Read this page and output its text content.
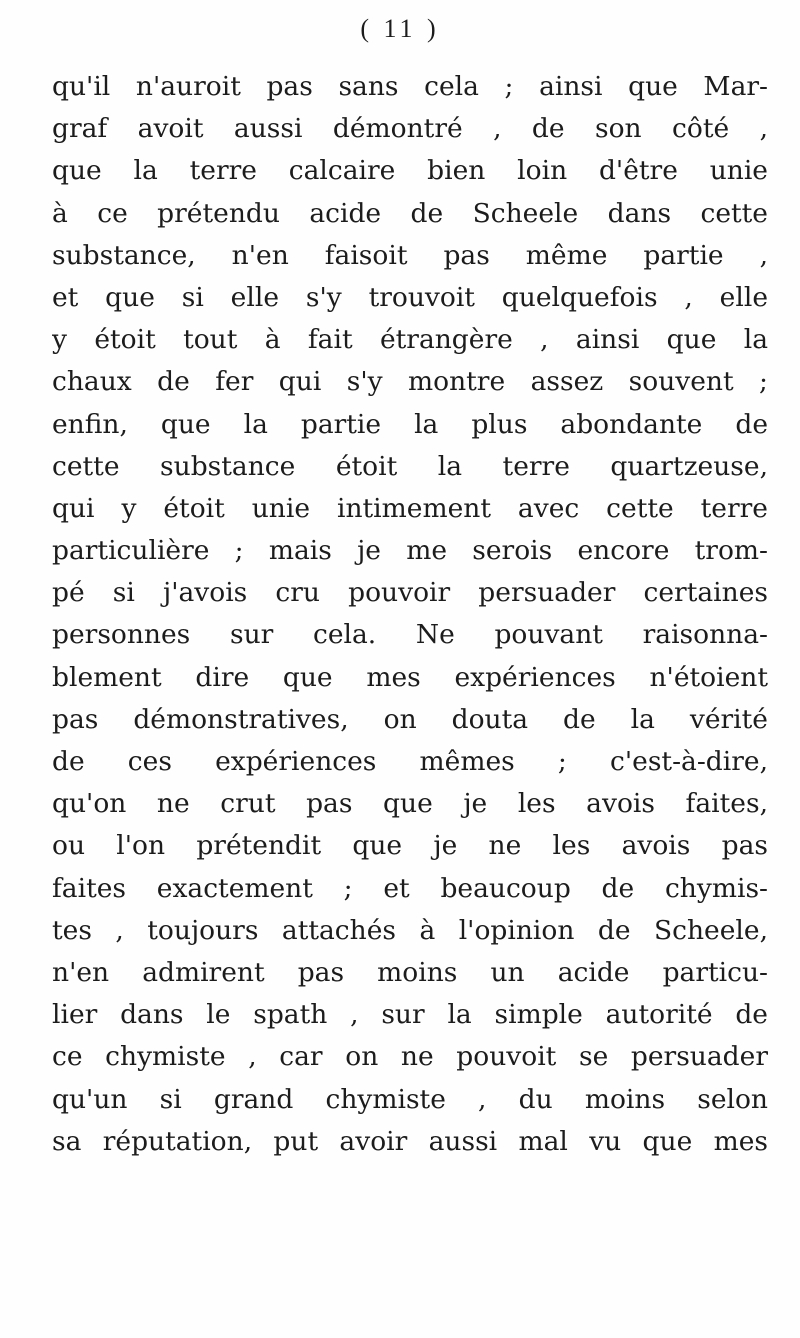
( 11 )
qu'il n'auroit pas sans cela ; ainsi que Mar-
graf avoit aussi démontré , de son côté ,
que la terre calcaire bien loin d'être unie
à ce prétendu acide de Scheele dans cette
substance, n'en faisoit pas même partie ,
et que si elle s'y trouvoit quelquefois , elle
y étoit tout à fait étrangère , ainsi que la
chaux de fer qui s'y montre assez souvent ;
enfin, que la partie la plus abondante de
cette substance étoit la terre quartzeuse,
qui y étoit unie intimement avec cette terre
particulière ; mais je me serois encore trom-
pé si j'avois cru pouvoir persuader certaines
personnes sur cela. Ne pouvant raisonna-
blement dire que mes expériences n'étoient
pas démonstratives, on douta de la vérité
de ces expériences mêmes ; c'est-à-dire,
qu'on ne crut pas que je les avois faites,
ou l'on prétendit que je ne les avois pas
faites exactement ; et beaucoup de chymis-
tes , toujours attachés à l'opinion de Scheele,
n'en admirent pas moins un acide particu-
lier dans le spath , sur la simple autorité de
ce chymiste , car on ne pouvoit se persuader
qu'un si grand chymiste , du moins selon
sa réputation, put avoir aussi mal vu que mes
